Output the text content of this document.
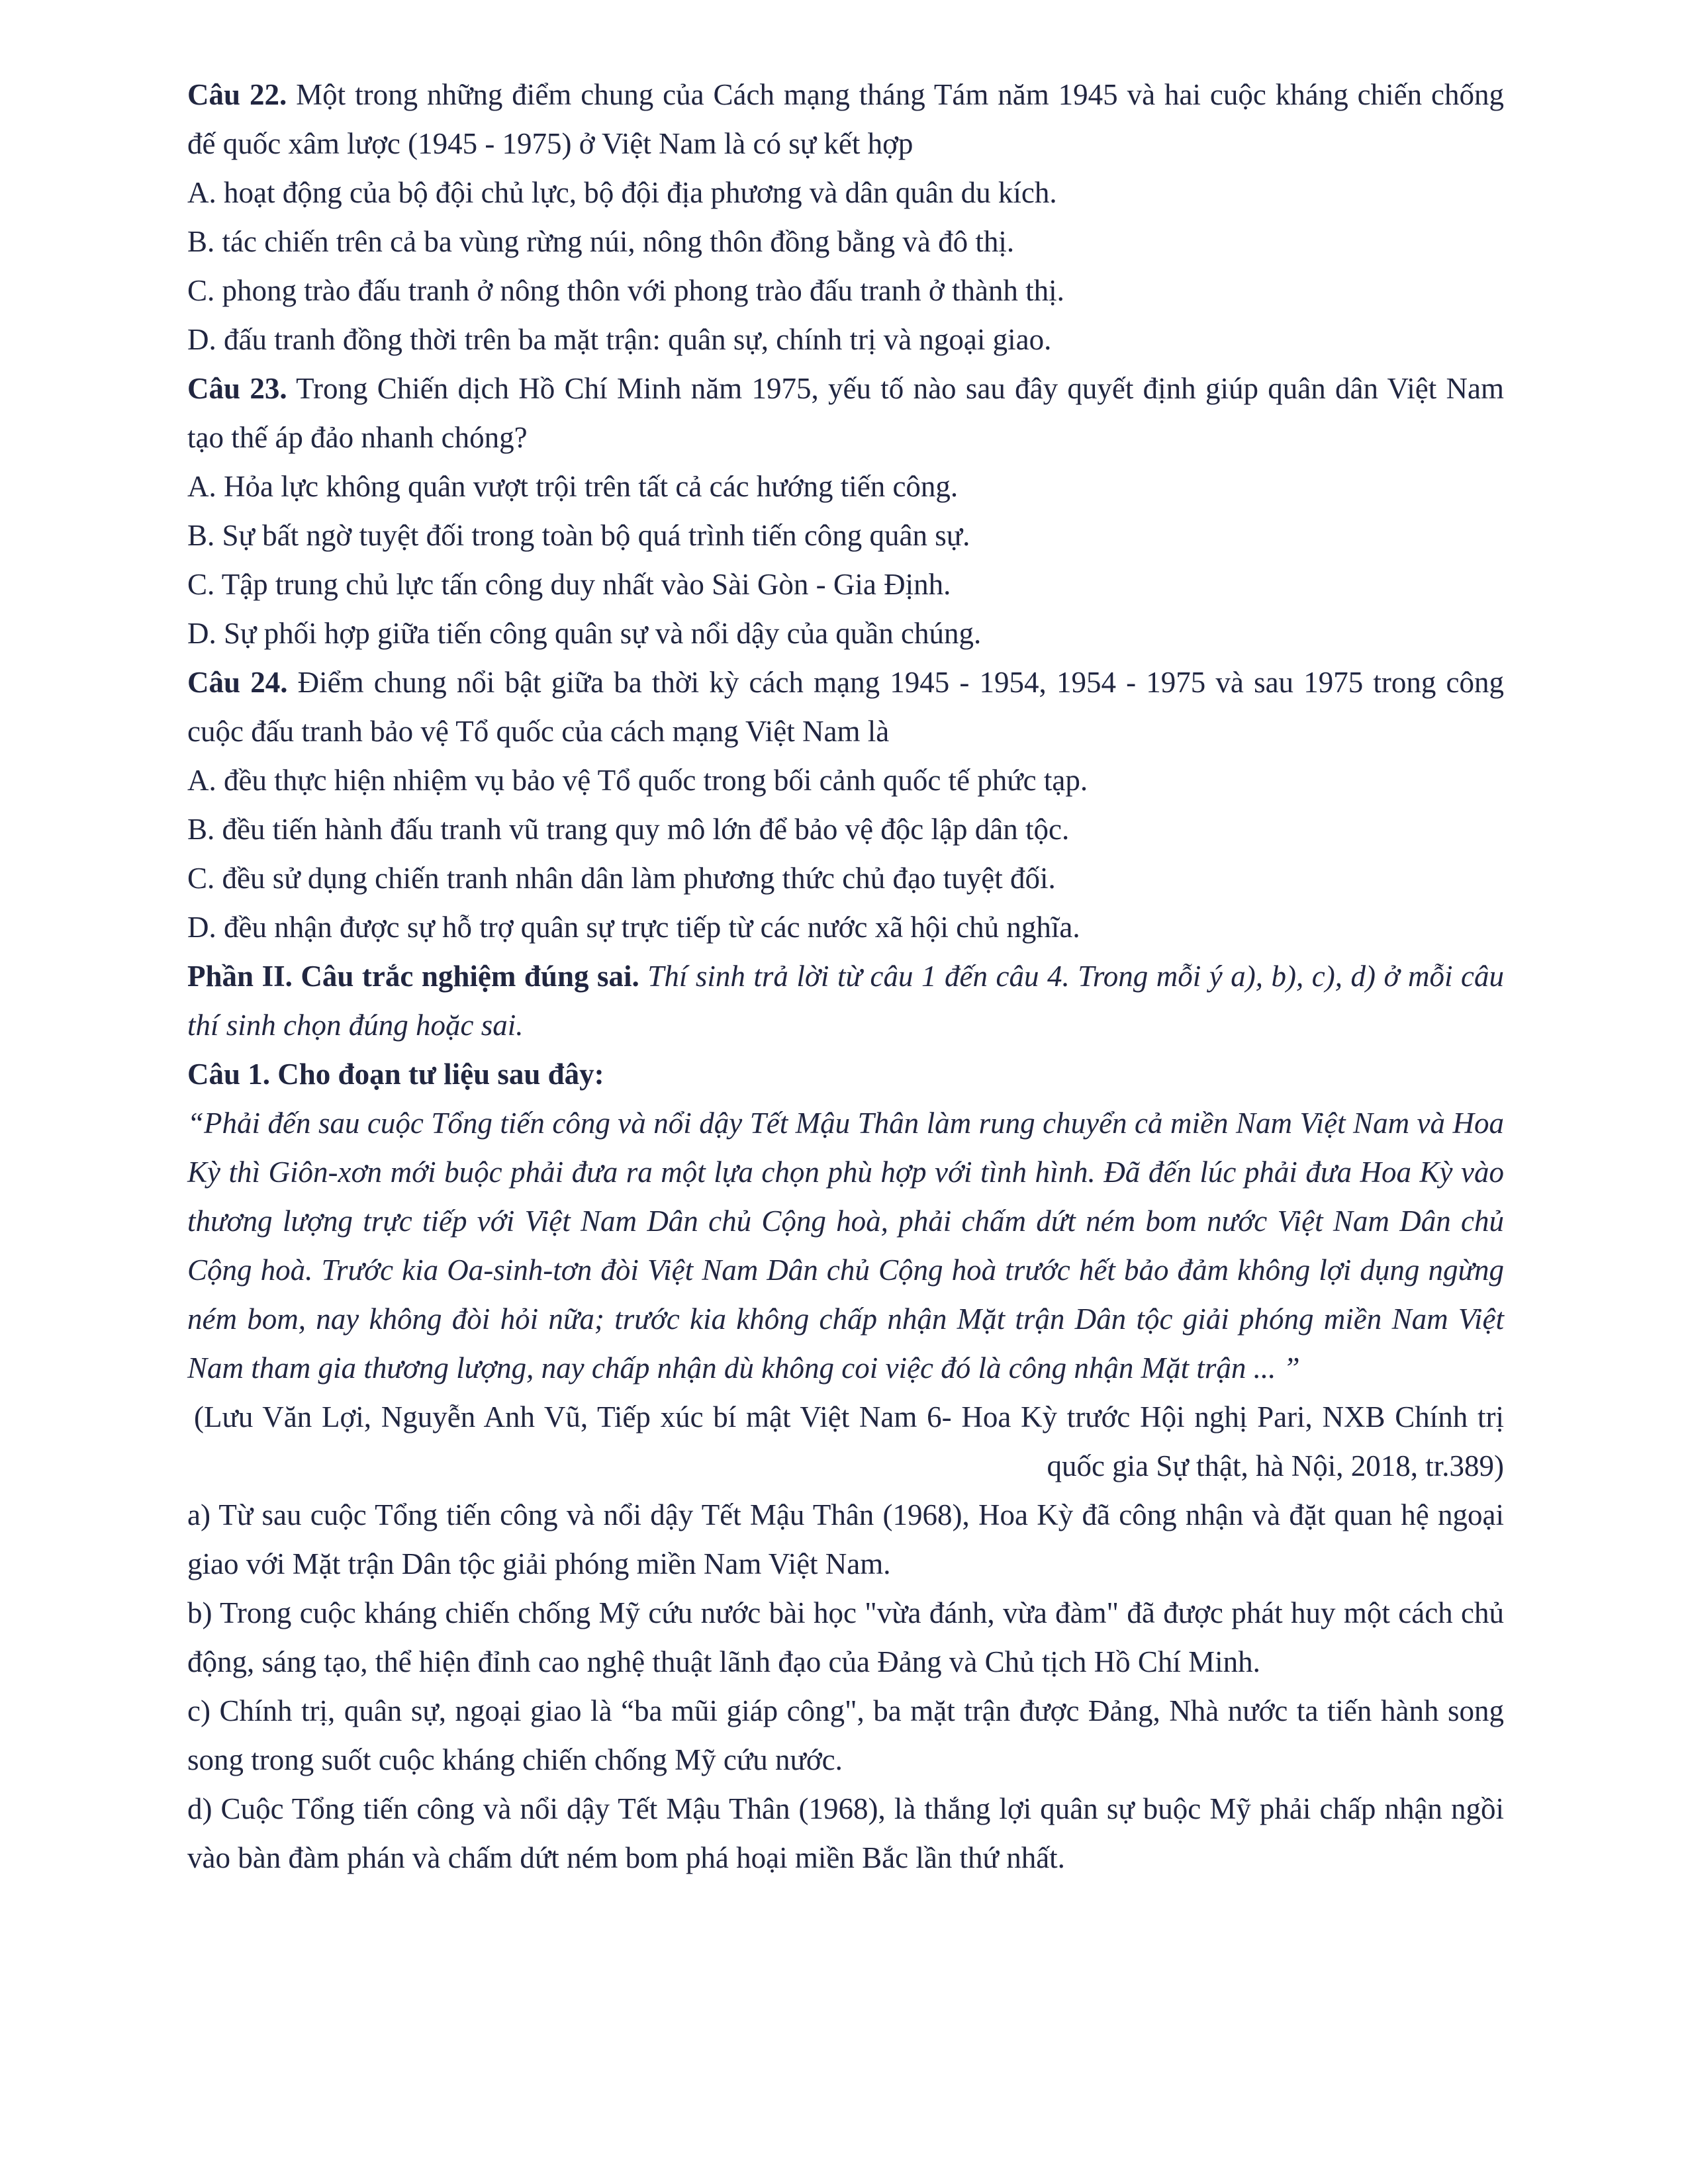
Câu 22. Một trong những điểm chung của Cách mạng tháng Tám năm 1945 và hai cuộc kháng chiến chống đế quốc xâm lược (1945 - 1975) ở Việt Nam là có sự kết hợp

A. hoạt động của bộ đội chủ lực, bộ đội địa phương và dân quân du kích.

B. tác chiến trên cả ba vùng rừng núi, nông thôn đồng bằng và đô thị.

C. phong trào đấu tranh ở nông thôn với phong trào đấu tranh ở thành thị.

D. đấu tranh đồng thời trên ba mặt trận: quân sự, chính trị và ngoại giao.

Câu 23. Trong Chiến dịch Hồ Chí Minh năm 1975, yếu tố nào sau đây quyết định giúp quân dân Việt Nam tạo thế áp đảo nhanh chóng?

A. Hỏa lực không quân vượt trội trên tất cả các hướng tiến công.

B. Sự bất ngờ tuyệt đối trong toàn bộ quá trình tiến công quân sự.

C. Tập trung chủ lực tấn công duy nhất vào Sài Gòn - Gia Định.

D. Sự phối hợp giữa tiến công quân sự và nổi dậy của quần chúng.

Câu 24. Điểm chung nổi bật giữa ba thời kỳ cách mạng 1945 - 1954, 1954 - 1975 và sau 1975 trong công cuộc đấu tranh bảo vệ Tổ quốc của cách mạng Việt Nam là

A. đều thực hiện nhiệm vụ bảo vệ Tổ quốc trong bối cảnh quốc tế phức tạp.

B. đều tiến hành đấu tranh vũ trang quy mô lớn để bảo vệ độc lập dân tộc.

C. đều sử dụng chiến tranh nhân dân làm phương thức chủ đạo tuyệt đối.

D. đều nhận được sự hỗ trợ quân sự trực tiếp từ các nước xã hội chủ nghĩa.

Phần II. Câu trắc nghiệm đúng sai. Thí sinh trả lời từ câu 1 đến câu 4. Trong mỗi ý a), b), c), d) ở mỗi câu thí sinh chọn đúng hoặc sai.

Câu 1. Cho đoạn tư liệu sau đây:

“Phải đến sau cuộc Tổng tiến công và nổi dậy Tết Mậu Thân làm rung chuyển cả miền Nam Việt Nam và Hoa Kỳ thì Giôn-xơn mới buộc phải đưa ra một lựa chọn phù hợp với tình hình. Đã đến lúc phải đưa Hoa Kỳ vào thương lượng trực tiếp với Việt Nam Dân chủ Cộng hoà, phải chấm dứt ném bom nước Việt Nam Dân chủ Cộng hoà. Trước kia Oa-sinh-tơn đòi Việt Nam Dân chủ Cộng hoà trước hết bảo đảm không lợi dụng ngừng ném bom, nay không đòi hỏi nữa; trước kia không chấp nhận Mặt trận Dân tộc giải phóng miền Nam Việt Nam tham gia thương lượng, nay chấp nhận dù không coi việc đó là công nhận Mặt trận ... ”

(Lưu Văn Lợi, Nguyễn Anh Vũ, Tiếp xúc bí mật Việt Nam 6- Hoa Kỳ trước Hội nghị Pari, NXB Chính trị quốc gia Sự thật, hà Nội, 2018, tr.389)

a) Từ sau cuộc Tổng tiến công và nổi dậy Tết Mậu Thân (1968), Hoa Kỳ đã công nhận và đặt quan hệ ngoại giao với Mặt trận Dân tộc giải phóng miền Nam Việt Nam.

b) Trong cuộc kháng chiến chống Mỹ cứu nước bài học "vừa đánh, vừa đàm" đã được phát huy một cách chủ động, sáng tạo, thể hiện đỉnh cao nghệ thuật lãnh đạo của Đảng và Chủ tịch Hồ Chí Minh.

c) Chính trị, quân sự, ngoại giao là “ba mũi giáp công", ba mặt trận được Đảng, Nhà nước ta tiến hành song song trong suốt cuộc kháng chiến chống Mỹ cứu nước.

d) Cuộc Tổng tiến công và nổi dậy Tết Mậu Thân (1968), là thắng lợi quân sự buộc Mỹ phải chấp nhận ngồi vào bàn đàm phán và chấm dứt ném bom phá hoại miền Bắc lần thứ nhất.
